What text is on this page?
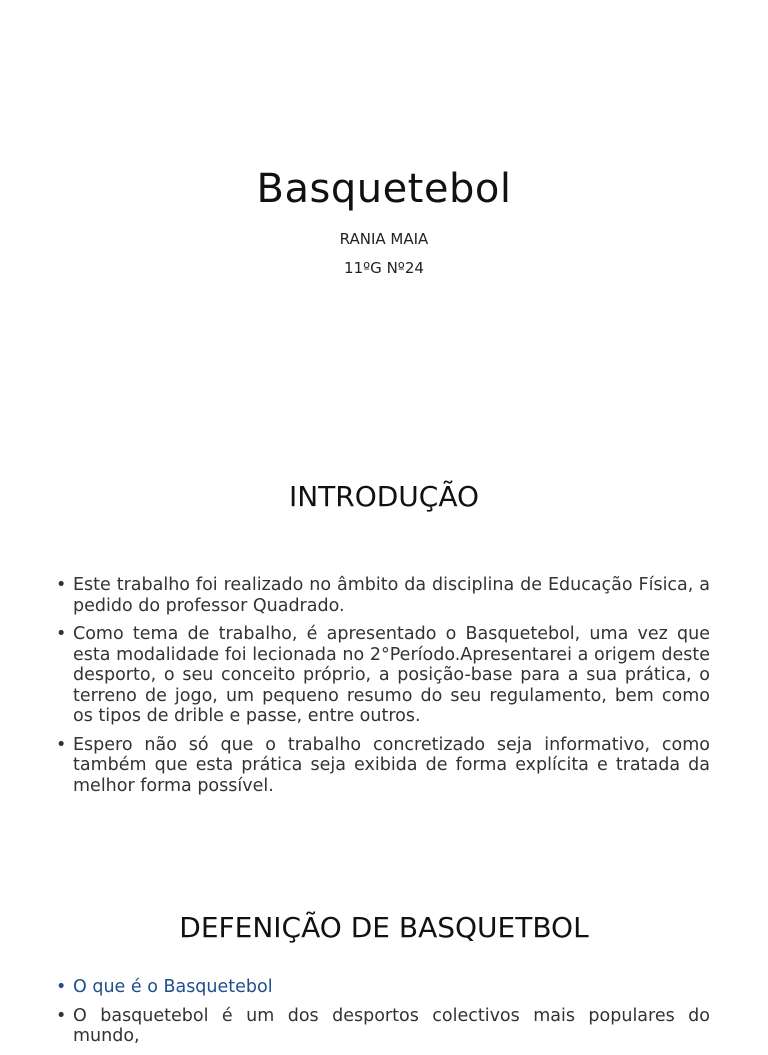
Basquetebol
RANIA MAIA
11ºG Nº24
INTRODUÇÃO
• Este trabalho foi realizado no âmbito da disciplina de Educação Física, a pedido do professor Quadrado.
• Como tema de trabalho, é apresentado o Basquetebol, uma vez que esta modalidade foi lecionada no 2°Período.Apresentarei a origem deste desporto, o seu conceito próprio, a posição-base para a sua prática, o terreno de jogo, um pequeno resumo do seu regulamento, bem como os tipos de drible e passe, entre outros.
• Espero não só que o trabalho concretizado seja informativo, como também que esta prática seja exibida de forma explícita e tratada da melhor forma possível.
DEFENIÇÃO DE BASQUETBOL
• O que é o Basquetebol
• O basquetebol é um dos desportos colectivos mais populares do mundo,
